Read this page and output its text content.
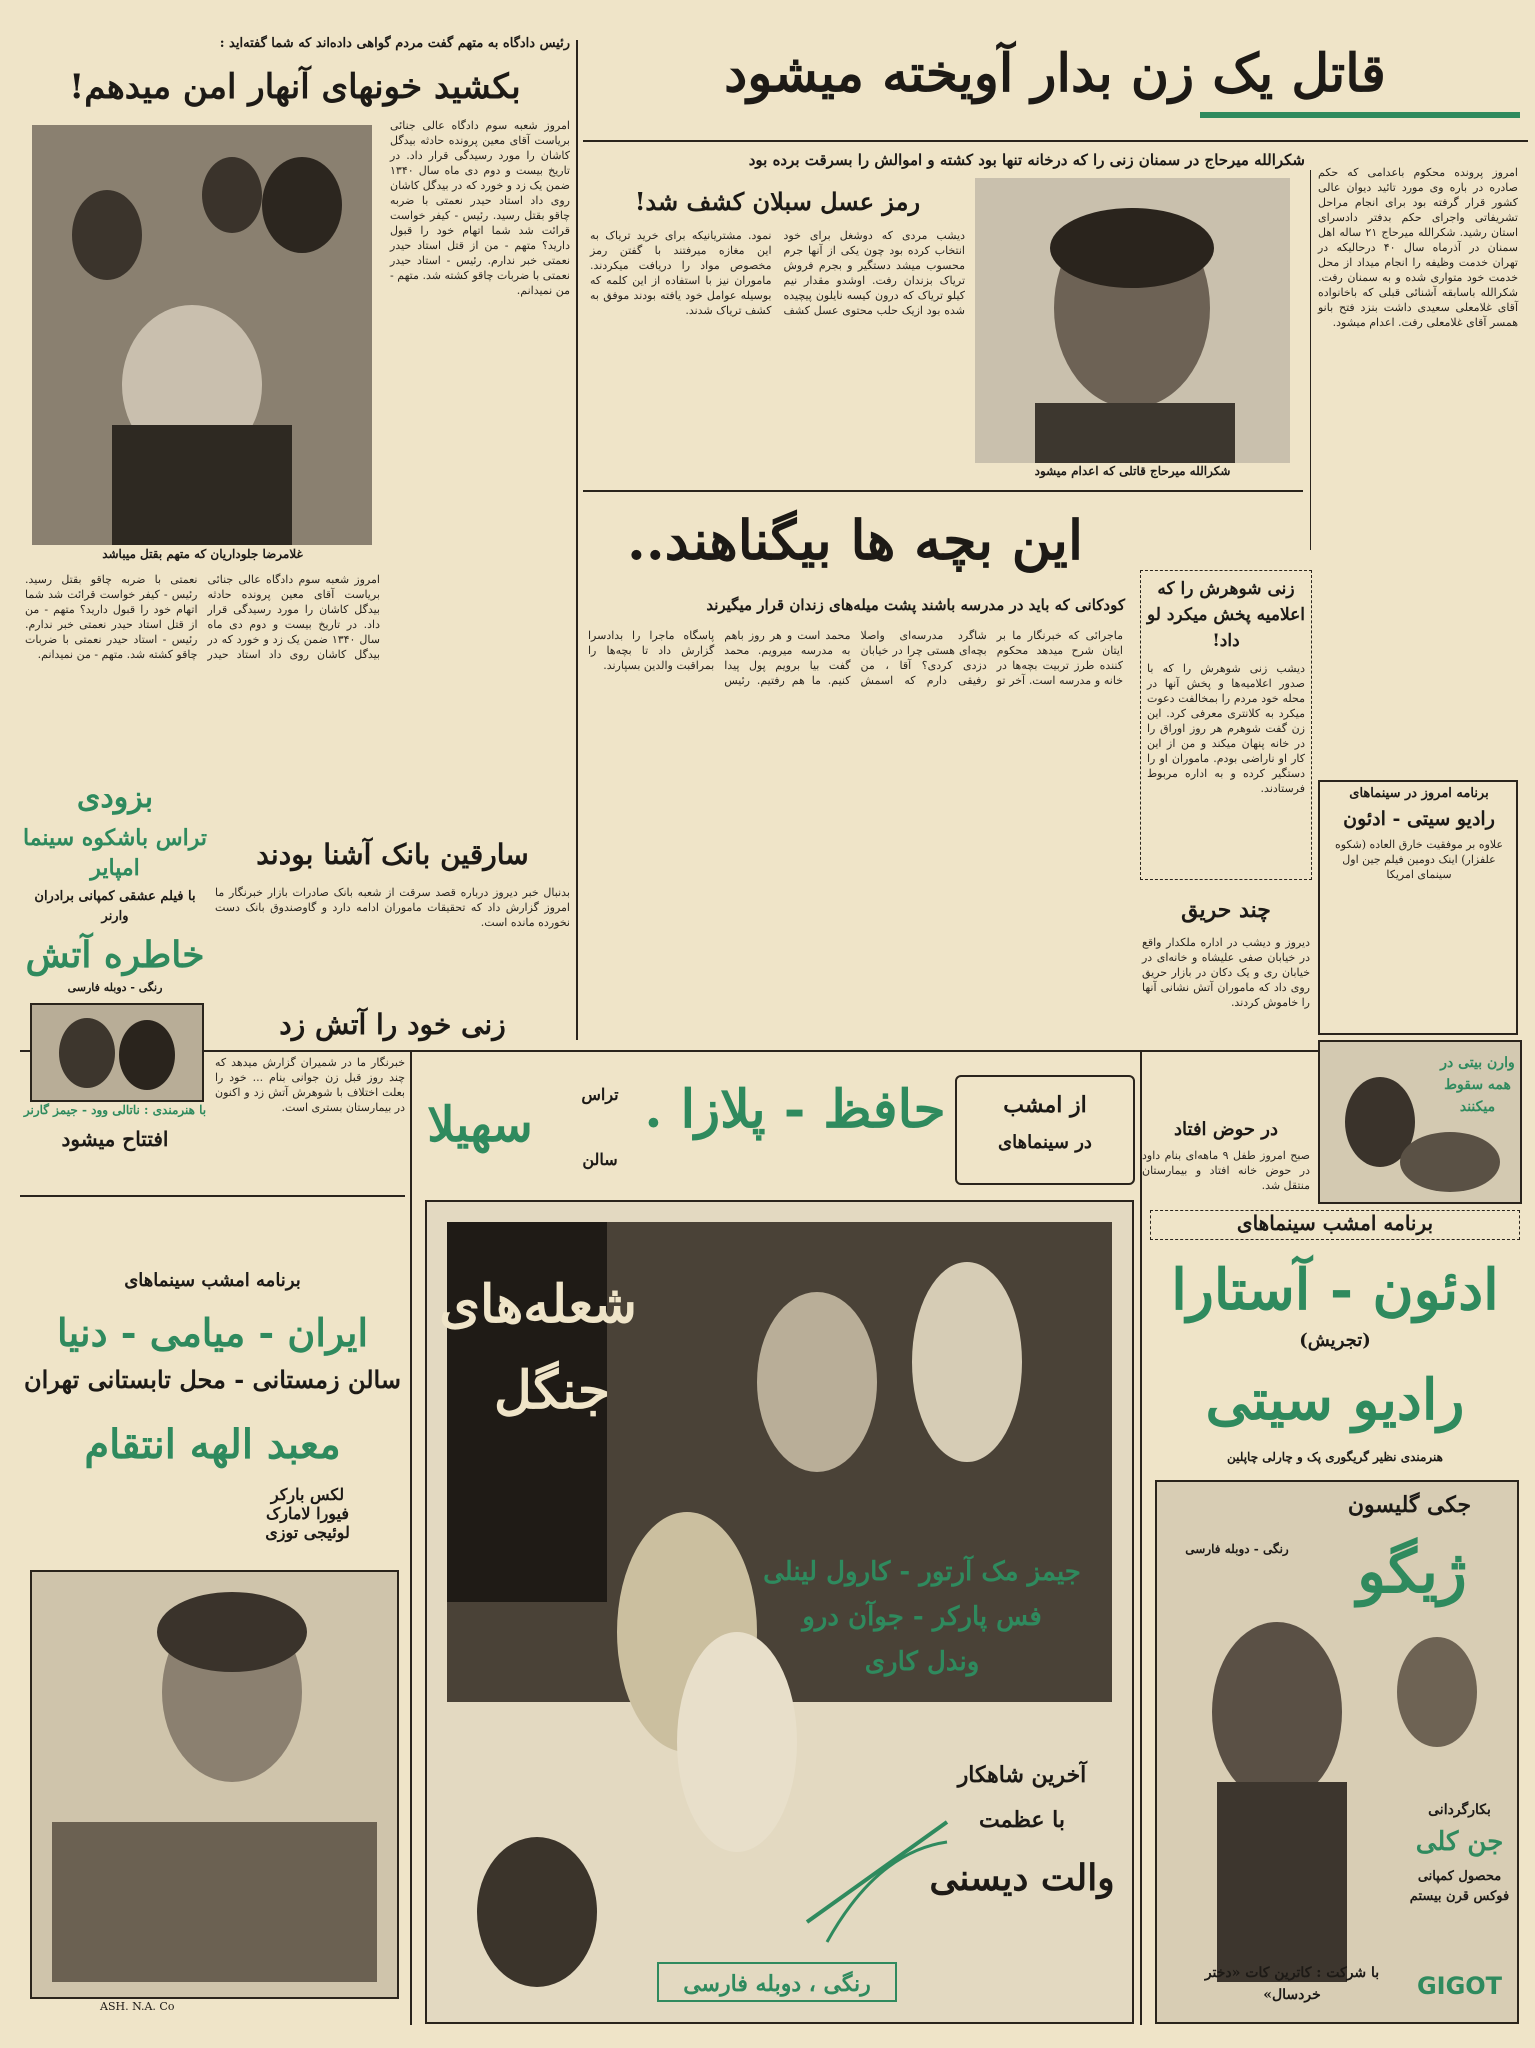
قاتل یک زن بدار آویخته میشود
شکرالله میرحاج در سمنان زنی را که درخانه تنها بود کشته و اموالش را بسرقت برده بود
شکرالله میرحاج قاتلی که اعدام میشود
امروز پرونده محکوم باعدامی که حکم صادره در باره وی مورد تائید دیوان عالی کشور قرار گرفته بود برای انجام مراحل تشریفاتی واجرای حکم بدفتر دادسرای استان رشید. شکرالله میرحاج ۲۱ ساله اهل سمنان در آذرماه سال ۴۰ درحالیکه در تهران خدمت وظیفه را انجام میداد از محل خدمت خود متواری شده و به سمنان رفت. شکرالله باسابقه آشنائی قبلی که باخانواده آقای غلامعلی سعیدی داشت بنزد فتح بانو همسر آقای غلامعلی رفت. اعدام میشود.
رمز عسل سبلان کشف شد!
دیشب مردی که دوشغل برای خود انتخاب کرده بود چون یکی از آنها جرم محسوب میشد دستگیر و بجرم فروش تریاک بزندان رفت. اوشدو مقدار نیم کیلو تریاک که درون کیسه نایلون پیچیده شده بود ازیک حلب محتوی عسل کشف نمود. مشتریانیکه برای خرید تریاک به این مغازه میرفتند با گفتن رمز مخصوص مواد را دریافت میکردند. ماموران نیز با استفاده از این کلمه که بوسیله عوامل خود یافته بودند موفق به کشف تریاک شدند.
رئیس دادگاه به متهم گفت مردم گواهی داده‌اند که شما گفته‌اید :
بکشید خونهای آنهار امن میدهم!
غلامرضا جلوداریان که متهم بقتل میباشد
امروز شعبه سوم دادگاه عالی جنائی بریاست آقای معین پرونده حادثه بیدگل کاشان را مورد رسیدگی قرار داد. در تاریخ بیست و دوم دی ماه سال ۱۳۴۰ ضمن یک زد و خورد که در بیدگل کاشان روی داد استاد حیدر نعمتی با ضربه چاقو بقتل رسید. رئیس - کیفر خواست قرائت شد شما اتهام خود را قبول دارید؟ متهم - من از قتل استاد حیدر نعمتی خبر ندارم. رئیس - استاد حیدر نعمتی با ضربات چاقو کشته شد. متهم - من نمیدانم.
امروز شعبه سوم دادگاه عالی جنائی بریاست آقای معین پرونده حادثه بیدگل کاشان را مورد رسیدگی قرار داد. در تاریخ بیست و دوم دی ماه سال ۱۳۴۰ ضمن یک زد و خورد که در بیدگل کاشان روی داد استاد حیدر نعمتی با ضربه چاقو بقتل رسید. رئیس - کیفر خواست قرائت شد شما اتهام خود را قبول دارید؟ متهم - من از قتل استاد حیدر نعمتی خبر ندارم. رئیس - استاد حیدر نعمتی با ضربات چاقو کشته شد. متهم - من نمیدانم.
این بچه ها بیگناهند..
کودکانی که باید در مدرسه باشند پشت میله‌های زندان قرار میگیرند
ماجرائی که خبرنگار ما بر ایتان شرح میدهد محکوم کننده طرز تربیت بچه‌ها در خانه و مدرسه است. آخر تو شاگرد مدرسه‌ای واصلا بچه‌ای هستی چرا در خیابان دزدی کردی؟ آقا ، من رفیقی دارم که اسمش محمد است و هر روز باهم به مدرسه میرویم. محمد گفت بیا برویم پول پیدا کنیم. ما هم رفتیم. رئیس پاسگاه ماجرا را بدادسرا گزارش داد تا بچه‌ها را بمراقبت والدین بسپارند.
زنی شوهرش را که اعلامیه پخش میکرد لو داد!
دیشب زنی شوهرش را که با صدور اعلامیه‌ها و پخش آنها در محله خود مردم را بمخالفت دعوت میکرد به کلانتری معرفی کرد. این زن گفت شوهرم هر روز اوراق را در خانه پنهان میکند و من از این کار او ناراضی بودم. ماموران او را دستگیر کرده و به اداره مربوط فرستادند.
چند حریق
دیروز و دیشب در اداره ملکدار واقع در خیابان صفی علیشاه و خانه‌ای در خیابان ری و یک دکان در بازار حریق روی داد که ماموران آتش نشانی آنها را خاموش کردند.
در حوض افتاد
صبح امروز طفل ۹ ماهه‌ای بنام داود در حوض خانه افتاد و بیمارستان منتقل شد.
برنامه امروز در سینماهای
رادیو سیتی - ادئون
علاوه بر موفقیت خارق العاده (شکوه علفزار) اینک دومین فیلم جین اول سینمای امریکا
وارن بیتی در همه سقوط میکنند
سارقین بانک آشنا بودند
بدنبال خبر دیروز درباره قصد سرقت از شعبه بانک صادرات بازار خبرنگار ما امروز گزارش داد که تحقیقات ماموران ادامه دارد و گاوصندوق بانک دست نخورده مانده است.
زنی خود را آتش زد
خبرنگار ما در شمیران گزارش میدهد که چند روز قبل زن جوانی بنام ... خود را بعلت اختلاف با شوهرش آتش زد و اکنون در بیمارستان بستری است.
بزودی
تراس باشکوه سینما امپایر
با فیلم عشقی کمپانی برادران وارنر
خاطره آتش
رنگی - دوبله فارسی
با هنرمندی : ناتالی وود - جیمز گارنر
افتتاح میشود
از امشب
در سینماهای
حافظ - پلازا .
تراس
سالن
سهیلا
شعله‌های جنگل
جیمز مک آرتور - کارول لینلی
فس پارکر - جوآن درو
وندل کاری
آخرین شاهکار
با عظمت
والت دیسنی
رنگی ، دوبله فارسی
برنامه امشب سینماهای
ایران - میامی - دنیا
سالن زمستانی - محل تابستانی تهران
معبد الهه انتقام
لکس بارکر
فیورا لامارک
لوئیجی توزی
ASH. N.A. Co
برنامه امشب سینماهای
ادئون - آستارا
(تجریش)
رادیو سیتی
هنرمندی نظیر گریگوری پک و چارلی چاپلین
جکی گلیسون
ژیگو
رنگی - دوبله فارسی
بکارگردانی
جن کلی
محصول کمپانی فوکس قرن بیستم
با شرکت : کاترین کات «دختر خردسال»	GIGOT
